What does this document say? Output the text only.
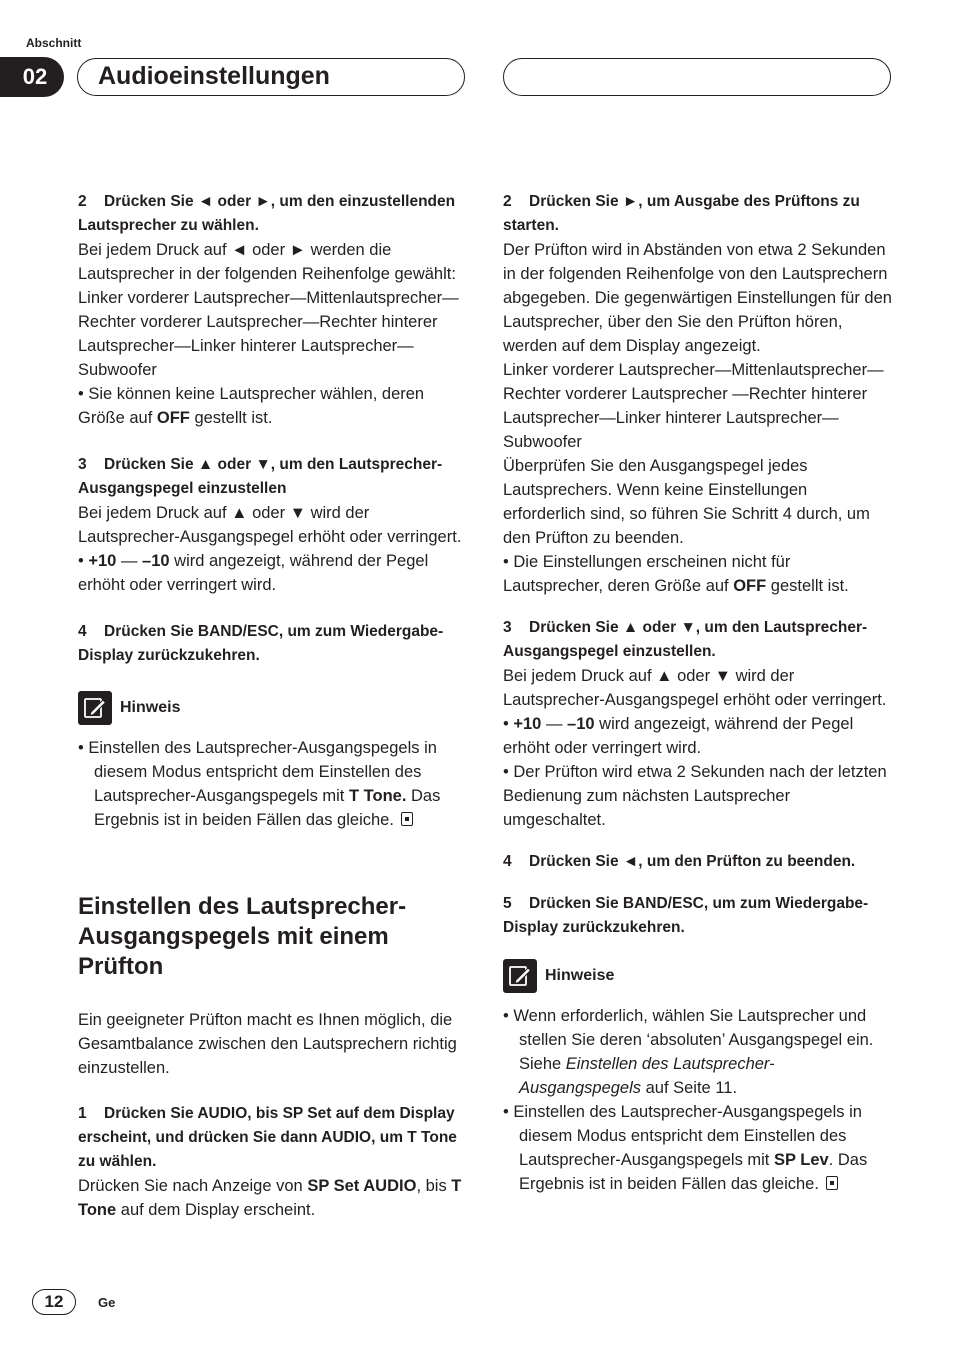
Abschnitt
02	Audioeinstellungen

2 Drücken Sie ◄ oder ►, um den einzustellenden Lautsprecher zu wählen.

Bei jedem Druck auf ◄ oder ► werden die Lautsprecher in der folgenden Reihenfolge gewählt:

Linker vorderer Lautsprecher—Mittenlautsprecher—Rechter vorderer Lautsprecher—Rechter hinterer Lautsprecher—Linker hinterer Lautsprecher—Subwoofer

• Sie können keine Lautsprecher wählen, deren Größe auf OFF gestellt ist.

3 Drücken Sie ▲ oder ▼, um den Lautsprecher-Ausgangspegel einzustellen

Bei jedem Druck auf ▲ oder ▼ wird der Lautsprecher-Ausgangspegel erhöht oder verringert.

• +10 — –10 wird angezeigt, während der Pegel erhöht oder verringert wird.

4 Drücken Sie BAND/ESC, um zum Wiedergabe-Display zurückzukehren.

Hinweis

• Einstellen des Lautsprecher-Ausgangspegels in diesem Modus entspricht dem Einstellen des Lautsprecher-Ausgangspegels mit T Tone. Das Ergebnis ist in beiden Fällen das gleiche.

Einstellen des Lautsprecher-Ausgangspegels mit einem Prüfton

Ein geeigneter Prüfton macht es Ihnen möglich, die Gesamtbalance zwischen den Lautsprechern richtig einzustellen.

1 Drücken Sie AUDIO, bis SP Set auf dem Display erscheint, und drücken Sie dann AUDIO, um T Tone zu wählen.

Drücken Sie nach Anzeige von SP Set AUDIO, bis T Tone auf dem Display erscheint.

2 Drücken Sie ►, um Ausgabe des Prüftons zu starten.

Der Prüfton wird in Abständen von etwa 2 Sekunden in der folgenden Reihenfolge von den Lautsprechern abgegeben. Die gegenwärtigen Einstellungen für den Lautsprecher, über den Sie den Prüfton hören, werden auf dem Display angezeigt.

Linker vorderer Lautsprecher—Mittenlautsprecher—Rechter vorderer Lautsprecher —Rechter hinterer Lautsprecher—Linker hinterer Lautsprecher—Subwoofer

Überprüfen Sie den Ausgangspegel jedes Lautsprechers. Wenn keine Einstellungen erforderlich sind, so führen Sie Schritt 4 durch, um den Prüfton zu beenden.

• Die Einstellungen erscheinen nicht für Lautsprecher, deren Größe auf OFF gestellt ist.

3 Drücken Sie ▲ oder ▼, um den Lautsprecher-Ausgangspegel einzustellen.

Bei jedem Druck auf ▲ oder ▼ wird der Lautsprecher-Ausgangspegel erhöht oder verringert.

• +10 — –10 wird angezeigt, während der Pegel erhöht oder verringert wird.

• Der Prüfton wird etwa 2 Sekunden nach der letzten Bedienung zum nächsten Lautsprecher umgeschaltet.

4 Drücken Sie ◄, um den Prüfton zu beenden.

5 Drücken Sie BAND/ESC, um zum Wiedergabe-Display zurückzukehren.

Hinweise

• Wenn erforderlich, wählen Sie Lautsprecher und stellen Sie deren ‘absoluten’ Ausgangspegel ein. Siehe Einstellen des Lautsprecher-Ausgangspegels auf Seite 11.

• Einstellen des Lautsprecher-Ausgangspegels in diesem Modus entspricht dem Einstellen des Lautsprecher-Ausgangspegels mit SP Lev. Das Ergebnis ist in beiden Fällen das gleiche.

12	Ge
